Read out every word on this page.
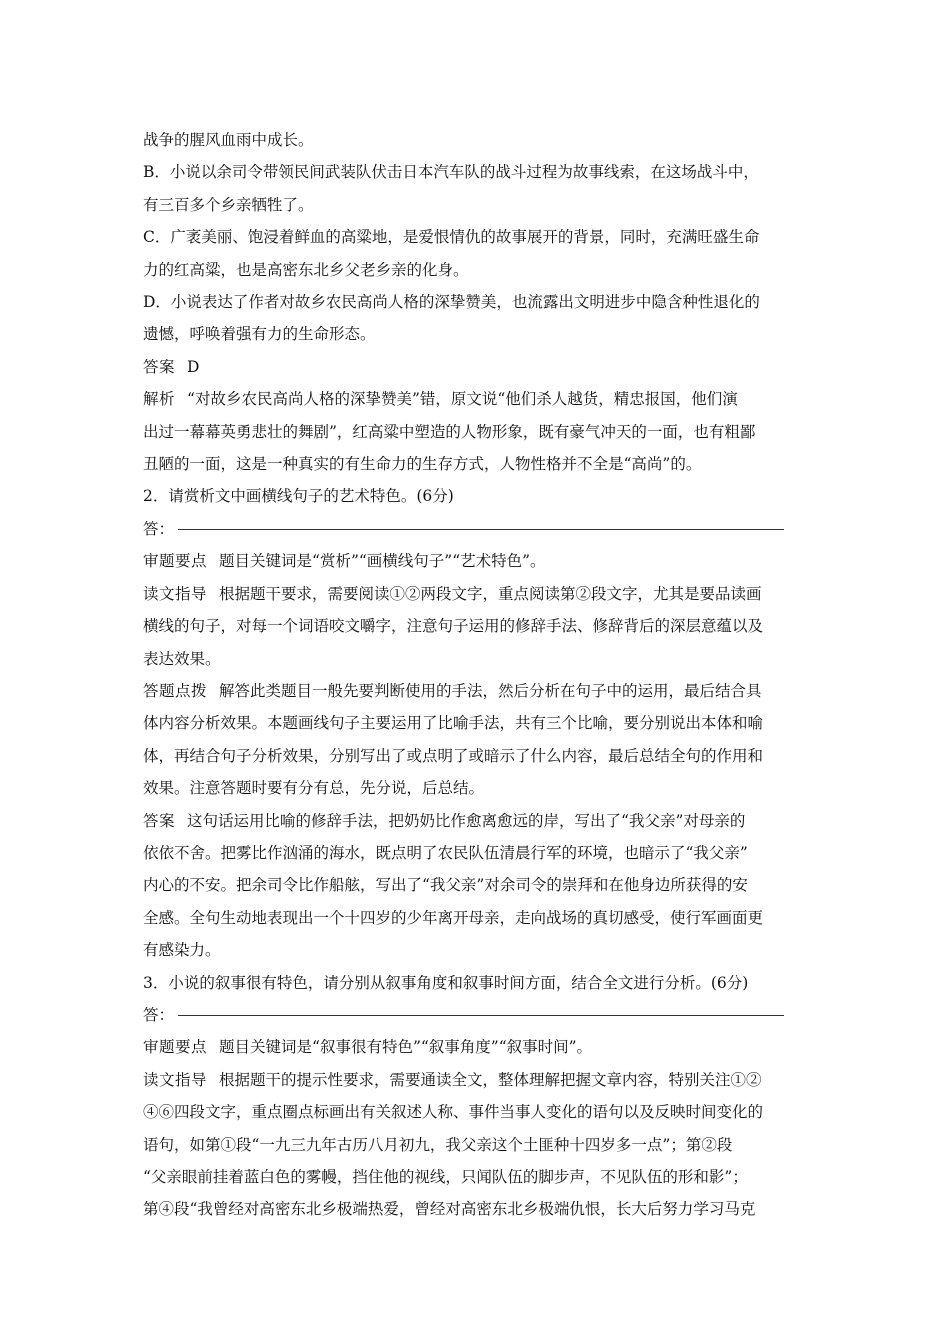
战争的腥风血雨中成长。

B．小说以余司令带领民间武装队伏击日本汽车队的战斗过程为故事线索，在这场战斗中，

有三百多个乡亲牺牲了。

C．广袤美丽、饱浸着鲜血的高粱地，是爱恨情仇的故事展开的背景，同时，充满旺盛生命

力的红高粱，也是高密东北乡父老乡亲的化身。

D．小说表达了作者对故乡农民高尚人格的深挚赞美，也流露出文明进步中隐含种性退化的

遗憾，呼唤着强有力的生命形态。

答案 D

解析 “对故乡农民高尚人格的深挚赞美”错，原文说“他们杀人越货，精忠报国，他们演

出过一幕幕英勇悲壮的舞剧”，红高粱中塑造的人物形象，既有豪气冲天的一面，也有粗鄙

丑陋的一面，这是一种真实的有生命力的生存方式，人物性格并不全是“高尚”的。

2．请赏析文中画横线句子的艺术特色。(6分)

答：

审题要点 题目关键词是“赏析”“画横线句子”“艺术特色”。

读文指导 根据题干要求，需要阅读①②两段文字，重点阅读第②段文字，尤其是要品读画

横线的句子，对每一个词语咬文嚼字，注意句子运用的修辞手法、修辞背后的深层意蕴以及

表达效果。

答题点拨 解答此类题目一般先要判断使用的手法，然后分析在句子中的运用，最后结合具

体内容分析效果。本题画线句子主要运用了比喻手法，共有三个比喻，要分别说出本体和喻

体，再结合句子分析效果，分别写出了或点明了或暗示了什么内容，最后总结全句的作用和

效果。注意答题时要有分有总，先分说，后总结。

答案 这句话运用比喻的修辞手法，把奶奶比作愈离愈远的岸，写出了“我父亲”对母亲的

依依不舍。把雾比作汹涌的海水，既点明了农民队伍清晨行军的环境，也暗示了“我父亲”

内心的不安。把余司令比作船舷，写出了“我父亲”对余司令的崇拜和在他身边所获得的安

全感。全句生动地表现出一个十四岁的少年离开母亲，走向战场的真切感受，使行军画面更

有感染力。

3．小说的叙事很有特色，请分别从叙事角度和叙事时间方面，结合全文进行分析。(6分)

答：

审题要点 题目关键词是“叙事很有特色”“叙事角度”“叙事时间”。

读文指导 根据题干的提示性要求，需要通读全文，整体理解把握文章内容，特别关注①②

④⑥四段文字，重点圈点标画出有关叙述人称、事件当事人变化的语句以及反映时间变化的

语句，如第①段“一九三九年古历八月初九，我父亲这个土匪种十四岁多一点”；第②段

“父亲眼前挂着蓝白色的雾幔，挡住他的视线，只闻队伍的脚步声，不见队伍的形和影”；

第④段“我曾经对高密东北乡极端热爱，曾经对高密东北乡极端仇恨，长大后努力学习马克
